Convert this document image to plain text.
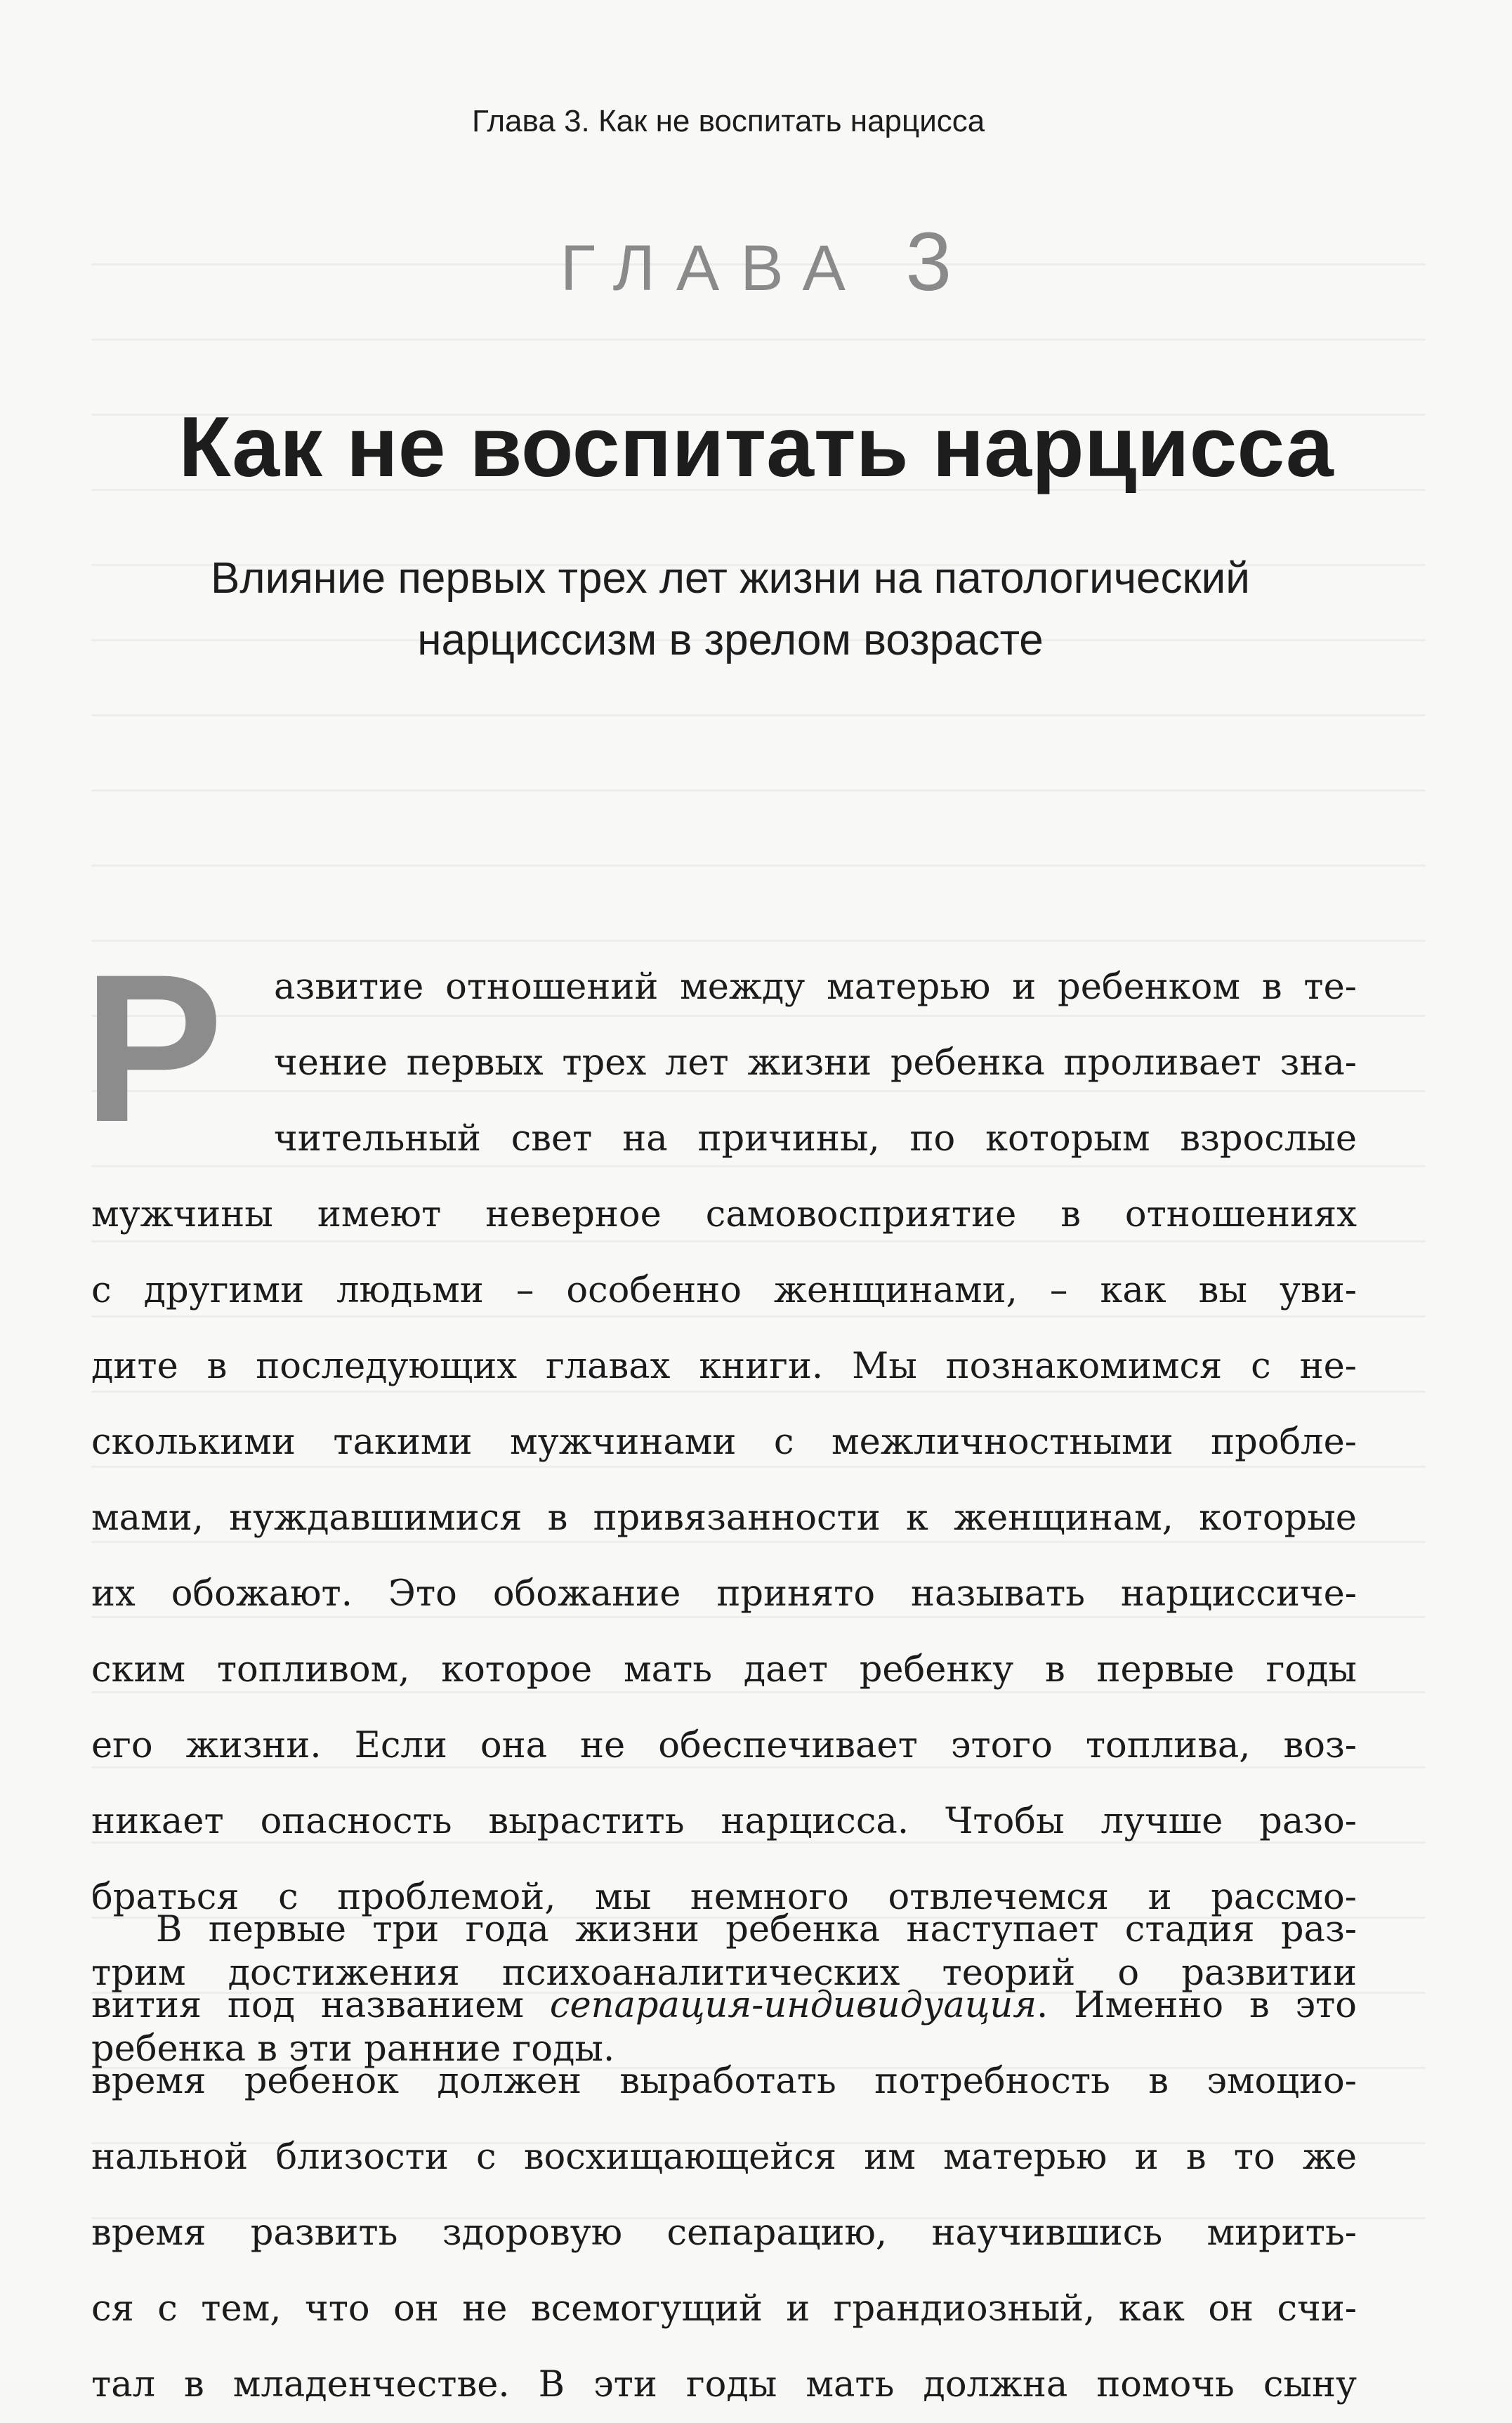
Глава 3. Как не воспитать нарцисса
ГЛАВА 3
Как не воспитать нарцисса
Влияние первых трех лет жизни на патологический
нарциссизм в зрелом возрасте
Р	азвитие отношений между матерью и ребенком в те-
чение первых трех лет жизни ребенка проливает зна-
чительный свет на причины, по которым взрослые
мужчины имеют неверное самовосприятие в отношениях
с другими людьми – особенно женщинами, – как вы уви-
дите в последующих главах книги. Мы познакомимся с не-
сколькими такими мужчинами с межличностными пробле-
мами, нуждавшимися в привязанности к женщинам, которые
их обожают. Это обожание принято называть нарциссиче-
ским топливом, которое мать дает ребенку в первые годы
его жизни. Если она не обеспечивает этого топлива, воз-
никает опасность вырастить нарцисса. Чтобы лучше разо-
браться с проблемой, мы немного отвлечемся и рассмо-
трим достижения психоаналитических теорий о развитии
ребенка в эти ранние годы.
В первые три года жизни ребенка наступает стадия раз-
вития под названием сепарация-индивидуация. Именно в это
время ребенок должен выработать потребность в эмоцио-
нальной близости с восхищающейся им матерью и в то же
время развить здоровую сепарацию, научившись мирить-
ся с тем, что он не всемогущий и грандиозный, как он счи-
тал в младенчестве. В эти годы мать должна помочь сыну
